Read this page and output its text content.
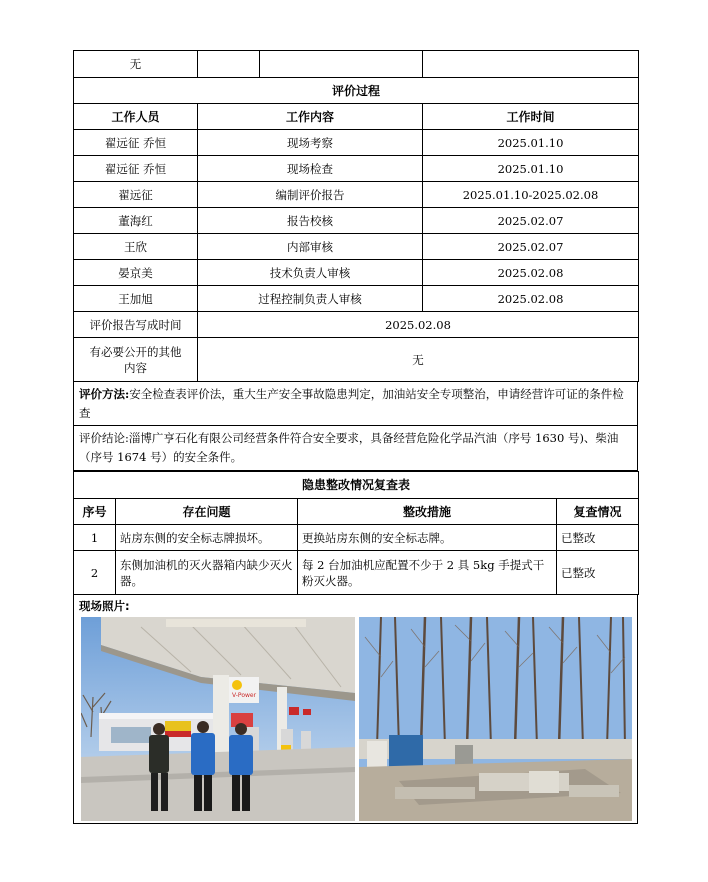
无			
评价过程			
工作人员	工作内容		工作时间
翟远征 乔恒	现场考察		2025.01.10
翟远征 乔恒	现场检查		2025.01.10
翟远征	编制评价报告		2025.01.10-2025.02.08
董海红	报告校核		2025.02.07
王欣	内部审核		2025.02.07
晏京美	技术负责人审核		2025.02.08
王加旭	过程控制负责人审核		2025.02.08
评价报告写成时间	2025.02.08		

有必要公开的其他
内容	无		
评价方法:安全检查表评价法，重大生产安全事故隐患判定，加油站安全专项整治，申请经营许可证的条件检查
评价结论:淄博广亨石化有限公司经营条件符合安全要求，具备经营危险化学品汽油（序号 1630 号)、柴油（序号 1674 号）的安全条件。
隐患整改情况复查表			
序号	存在问题	整改措施	复查情况
1	站房东侧的安全标志牌损坏。	更换站房东侧的安全标志牌。	已整改
2	东侧加油机的灭火器箱内缺少灭火器。	每 2 台加油机应配置不少于 2 具 5kg 手提式干粉灭火器。	已整改
现场照片:
V-Power
